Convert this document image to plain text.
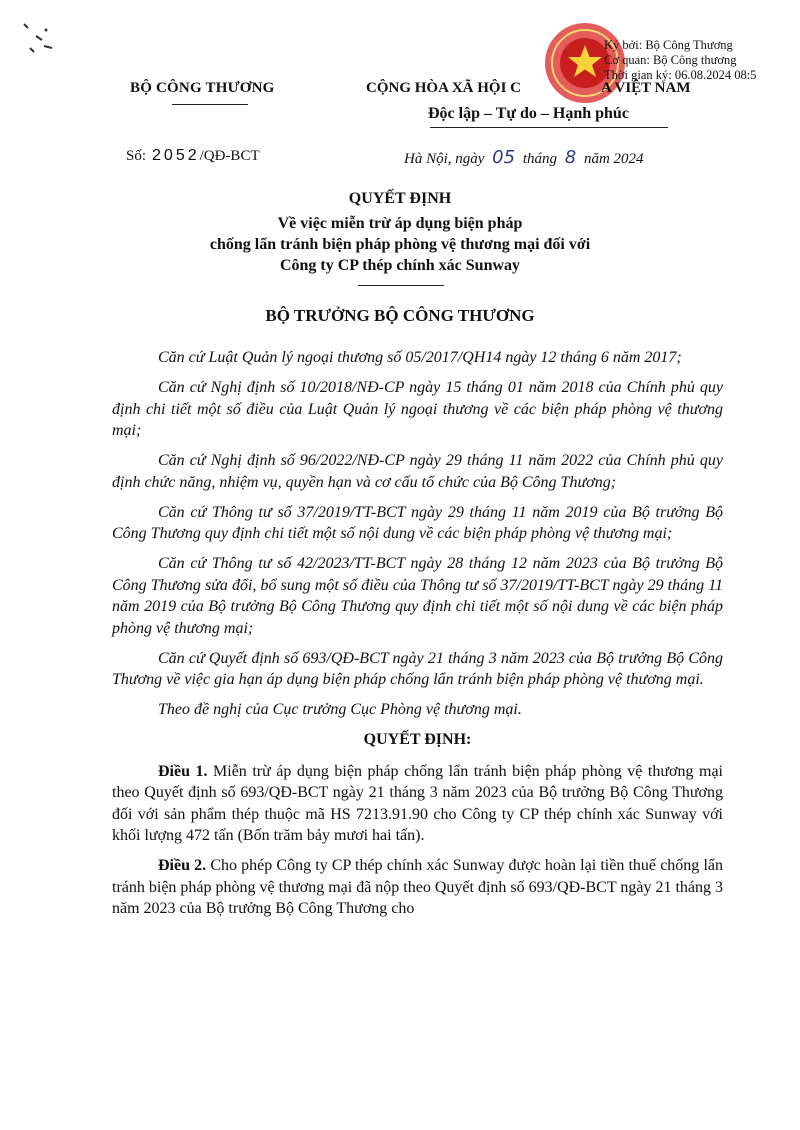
Ký bởi: Bộ Công Thương
Cơ quan: Bộ Công thương
Thời gian ký: 06.08.2024 08:5
BỘ CÔNG THƯƠNG	CỘNG HÒA XÃ HỘI C	A VIỆT NAM
Độc lập – Tự do – Hạnh phúc
Số: 2052/QĐ-BCT	Hà Nội, ngày 05 tháng 8 năm 2024
QUYẾT ĐỊNH
Về việc miễn trừ áp dụng biện pháp
chống lẩn tránh biện pháp phòng vệ thương mại đối với
Công ty CP thép chính xác Sunway
BỘ TRƯỞNG BỘ CÔNG THƯƠNG

Căn cứ Luật Quản lý ngoại thương số 05/2017/QH14 ngày 12 tháng 6 năm 2017;

Căn cứ Nghị định số 10/2018/NĐ-CP ngày 15 tháng 01 năm 2018 của Chính phủ quy định chi tiết một số điều của Luật Quản lý ngoại thương về các biện pháp phòng vệ thương mại;

Căn cứ Nghị định số 96/2022/NĐ-CP ngày 29 tháng 11 năm 2022 của Chính phủ quy định chức năng, nhiệm vụ, quyền hạn và cơ cấu tổ chức của Bộ Công Thương;

Căn cứ Thông tư số 37/2019/TT-BCT ngày 29 tháng 11 năm 2019 của Bộ trưởng Bộ Công Thương quy định chi tiết một số nội dung về các biện pháp phòng vệ thương mại;

Căn cứ Thông tư số 42/2023/TT-BCT ngày 28 tháng 12 năm 2023 của Bộ trưởng Bộ Công Thương sửa đổi, bổ sung một số điều của Thông tư số 37/2019/TT-BCT ngày 29 tháng 11 năm 2019 của Bộ trưởng Bộ Công Thương quy định chi tiết một số nội dung về các biện pháp phòng vệ thương mại;

Căn cứ Quyết định số 693/QĐ-BCT ngày 21 tháng 3 năm 2023 của Bộ trưởng Bộ Công Thương về việc gia hạn áp dụng biện pháp chống lẩn tránh biện pháp phòng vệ thương mại.

Theo đề nghị của Cục trưởng Cục Phòng vệ thương mại.

QUYẾT ĐỊNH:

Điều 1. Miễn trừ áp dụng biện pháp chống lẩn tránh biện pháp phòng vệ thương mại theo Quyết định số 693/QĐ-BCT ngày 21 tháng 3 năm 2023 của Bộ trưởng Bộ Công Thương đối với sản phẩm thép thuộc mã HS 7213.91.90 cho Công ty CP thép chính xác Sunway với khối lượng 472 tấn (Bốn trăm bảy mươi hai tấn).

Điều 2. Cho phép Công ty CP thép chính xác Sunway được hoàn lại tiền thuế chống lẩn tránh biện pháp phòng vệ thương mại đã nộp theo Quyết định số 693/QĐ-BCT ngày 21 tháng 3 năm 2023 của Bộ trưởng Bộ Công Thương cho
